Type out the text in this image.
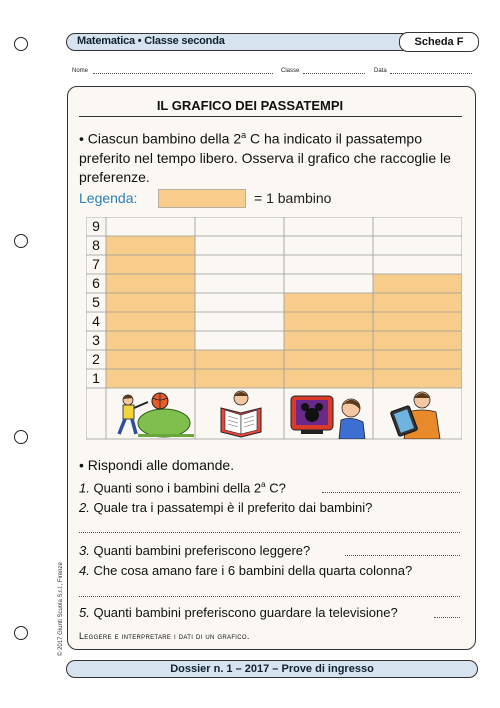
Matematica • Classe seconda	Scheda F
Nome	Classe	Data
IL GRAFICO DEI PASSATEMPI
• Ciascun bambino della 2$^a$ C ha indicato il passatempo preferito nel tempo libero. Osserva il grafico che raccoglie le preferenze.
Legenda:	= 1 bambino
1
2
3
4
5
6
7
8
9
• Rispondi alle domande.
1. Quanti sono i bambini della 2$^a$ C?
2. Quale tra i passatempi è il preferito dai bambini?
3. Quanti bambini preferiscono leggere?
4. Che cosa amano fare i 6 bambini della quarta colonna?
5. Quanti bambini preferiscono guardare la televisione?
Leggere e interpretare i dati di un grafico.
© 2017 Giunti Scuola S.r.l., Firenze
Dossier n. 1 – 2017 – Prove di ingresso
